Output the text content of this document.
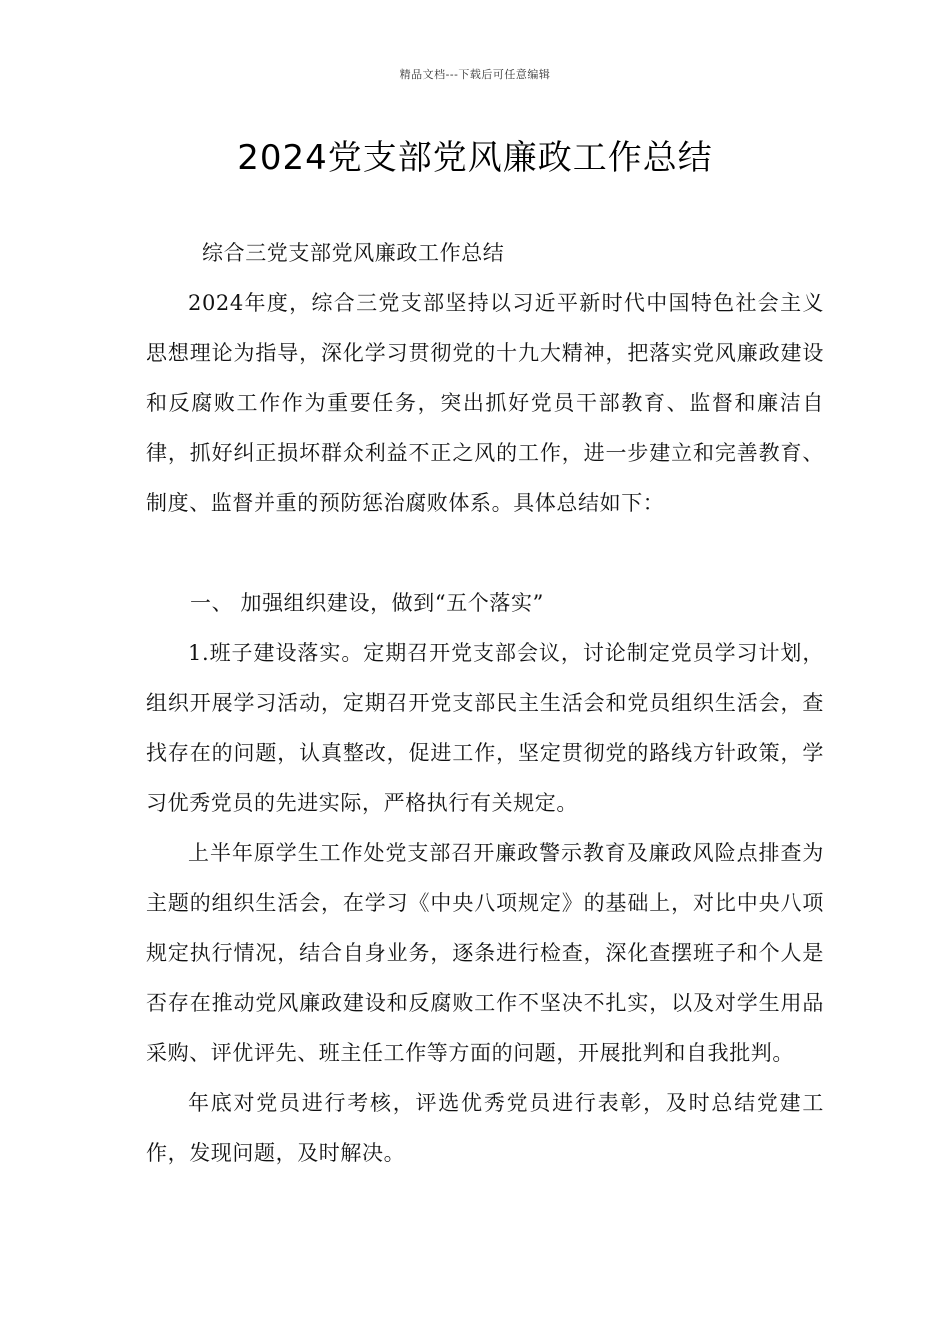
精品文档---下载后可任意编辑
2024党支部党风廉政工作总结

综合三党支部党风廉政工作总结

2024年度，综合三党支部坚持以习近平新时代中国特色社会主义思想理论为指导，深化学习贯彻党的十九大精神，把落实党风廉政建设和反腐败工作作为重要任务，突出抓好党员干部教育、监督和廉洁自律，抓好纠正损坏群众利益不正之风的工作，进一步建立和完善教育、制度、监督并重的预防惩治腐败体系。具体总结如下：

一、 加强组织建设，做到“五个落实”

1.班子建设落实。定期召开党支部会议，讨论制定党员学习计划，组织开展学习活动，定期召开党支部民主生活会和党员组织生活会，查找存在的问题，认真整改，促进工作，坚定贯彻党的路线方针政策，学习优秀党员的先进实际，严格执行有关规定。

上半年原学生工作处党支部召开廉政警示教育及廉政风险点排查为主题的组织生活会，在学习《中央八项规定》的基础上，对比中央八项规定执行情况，结合自身业务，逐条进行检查，深化查摆班子和个人是否存在推动党风廉政建设和反腐败工作不坚决不扎实，以及对学生用品采购、评优评先、班主任工作等方面的问题，开展批判和自我批判。

年底对党员进行考核，评选优秀党员进行表彰，及时总结党建工作，发现问题，及时解决。
